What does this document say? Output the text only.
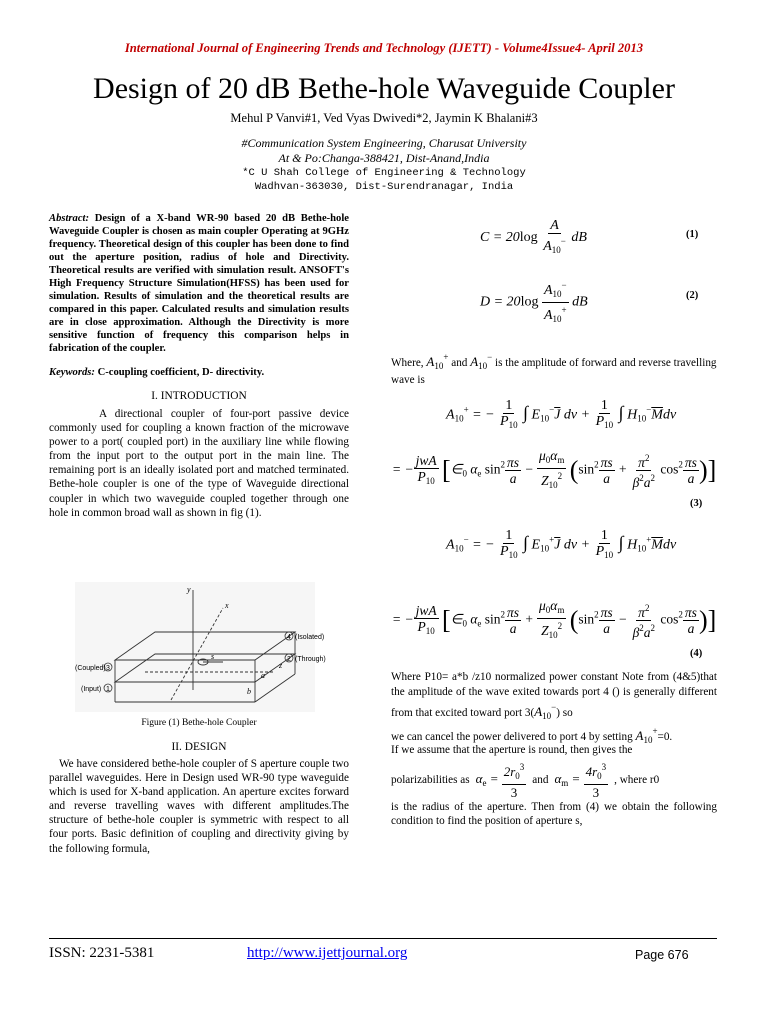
International Journal of Engineering Trends and Technology (IJETT) - Volume4Issue4- April 2013
Design of 20 dB Bethe-hole Waveguide Coupler
Mehul P Vanvi#1, Ved Vyas Dwivedi*2, Jaymin K Bhalani#3
#Communication System Engineering, Charusat University
At & Po:Changa-388421, Dist-Anand,India
*C U Shah College of Engineering & Technology
Wadhvan-363030, Dist-Surendranagar, India
Abstract: Design of a X-band WR-90 based 20 dB Bethe-hole Waveguide Coupler is chosen as main coupler Operating at 9GHz frequency. Theoretical design of this coupler has been done to find out the aperture position, radius of hole and Directivity. Theoretical results are verified with simulation result. ANSOFT's High Frequency Structure Simulation(HFSS) has been used for simulation. Results of simulation and the theoretical results are compared in this paper. Calculated results and simulation results are in close approximation. Although the Directivity is more sensitive function of frequency this comparison helps in fabrication of the coupler.
Keywords: C-coupling coefficient, D- directivity.
I. INTRODUCTION
A directional coupler of four-port passive device commonly used for coupling a known fraction of the microwave power to a port( coupled port) in the auxiliary line while flowing from the input port to the output port in the main line. The remaining port is an ideally isolated port and matched terminated. Bethe-hole coupler is one of the type of Waveguide directional coupler in which two waveguide coupled together through one hole in common broad wall as shown in fig (1).
y
x
z
s
a
b
4 (Isolated)
2 (Through)
3
(Coupled)
1
(Input)
Figure (1) Bethe-hole Coupler
II. DESIGN
We have considered bethe-hole coupler of S aperture couple two parallel waveguides. Here in Design used WR-90 type waveguide which is used for X-band application. An aperture excites forward and reverse travelling waves with different amplitudes.The structure of bethe-hole coupler is symmetric with respect to all four ports. Basic definition of coupling and directivity giving by the following formula,
$C = 20\log \frac{A}{A_{10}^-}$ dB	(1)
$D = 20\log \frac{A_{10}^-}{A_{10}^+}$ dB	(2)
Where, $A_{10}^+$ and $A_{10}^-$ is the amplitude of forward and reverse travelling wave is
$A_{10}^+$ = − $\frac{1}{P_{10}}$ ∫ $E_{10}^-\overline{J}$ dv + $\frac{1}{P_{10}}$ ∫ $H_{10}^-\overline{M}dv$
= − $\frac{\text{jwA}}{P_{10}}$ [$\in_0$ $\alpha_e$ $\sin^2 \frac{\pi s}{a} - \frac{\mu_0\alpha_m}{Z_{10}^2} (\sin^2 \frac{\pi s}{a} + \frac{\pi^2}{\beta^2a^2} \cos^2 \frac{\pi s}{a}$ )]
(3)
$A_{10}^-$ = − $\frac{1}{P_{10}}$ ∫ $E_{10}^+\overline{J}$ dv + $\frac{1}{P_{10}}$ ∫ $H_{10}^+\overline{M}dv$
= − $\frac{\text{jwA}}{P_{10}}$ [$\in_0$ $\alpha_e$ $\sin^2 \frac{\pi s}{a} + \frac{\mu_0\alpha_m}{Z_{10}^2} (\sin^2 \frac{\pi s}{a} - \frac{\pi^2}{\beta^2a^2} \cos^2 \frac{\pi s}{a}$ )]
(4)
Where P10= a*b /z10 normalized power constant Note from (4&5)that the amplitude of the wave exited towards port 4 () is generally different from that excited toward port $3(A_{10}^-)$ so
we can cancel the power delivered to port 4 by setting $A_{10}^+=0$.
If we assume that the aperture is round, then gives the
polarizabilities as $\alpha_e = \frac{2r_0^3}{3}$ and $\alpha_m = \frac{4r_0^3}{3}$ , where r0
is the radius of the aperture. Then from (4) we obtain the following condition to find the position of aperture s,
ISSN: 2231-5381	http://www.ijettjournal.org	Page 676
